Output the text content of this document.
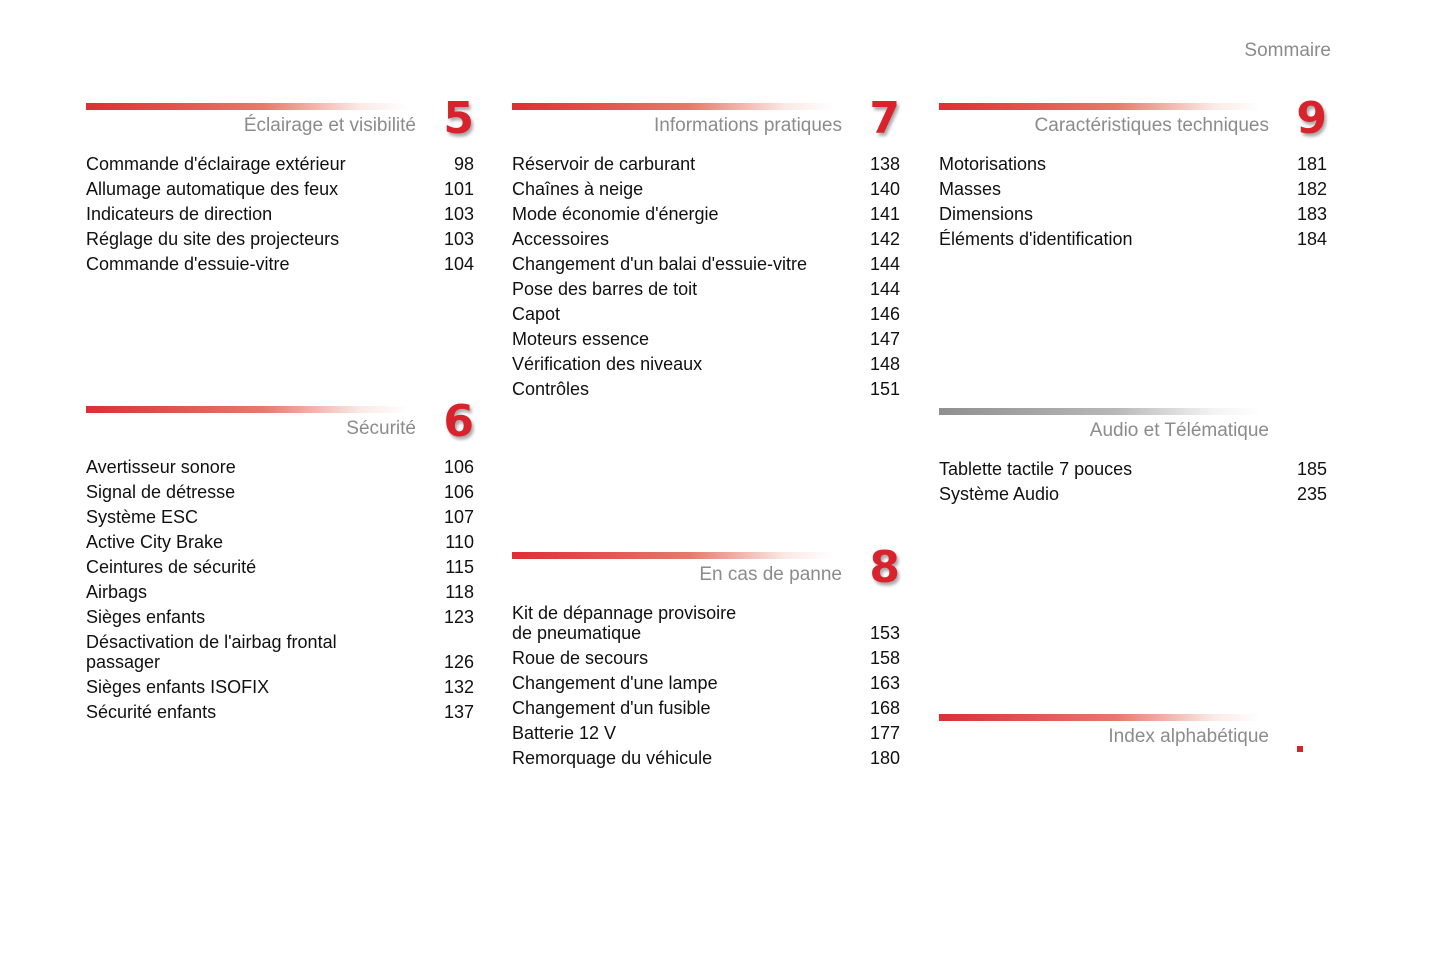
Sommaire
Éclairage et visibilité 5
Commande d'éclairage extérieur	98
Allumage automatique des feux	101
Indicateurs de direction	103
Réglage du site des projecteurs	103
Commande d'essuie-vitre	104
Sécurité 6
Avertisseur sonore	106
Signal de détresse	106
Système ESC	107
Active City Brake	110
Ceintures de sécurité	115
Airbags	118
Sièges enfants	123
Désactivation de l'airbag frontal
passager	126
Sièges enfants ISOFIX	132
Sécurité enfants	137
Informations pratiques 7
Réservoir de carburant	138
Chaînes à neige	140
Mode économie d'énergie	141
Accessoires	142
Changement d'un balai d'essuie-vitre	144
Pose des barres de toit	144
Capot	146
Moteurs essence	147
Vérification des niveaux	148
Contrôles	151
En cas de panne 8
Kit de dépannage provisoire
de pneumatique	153
Roue de secours	158
Changement d'une lampe	163
Changement d'un fusible	168
Batterie 12 V	177
Remorquage du véhicule	180
Caractéristiques techniques 9
Motorisations	181
Masses	182
Dimensions	183
Éléments d'identification	184
Audio et Télématique
Tablette tactile 7 pouces	185
Système Audio	235
Index alphabétique
